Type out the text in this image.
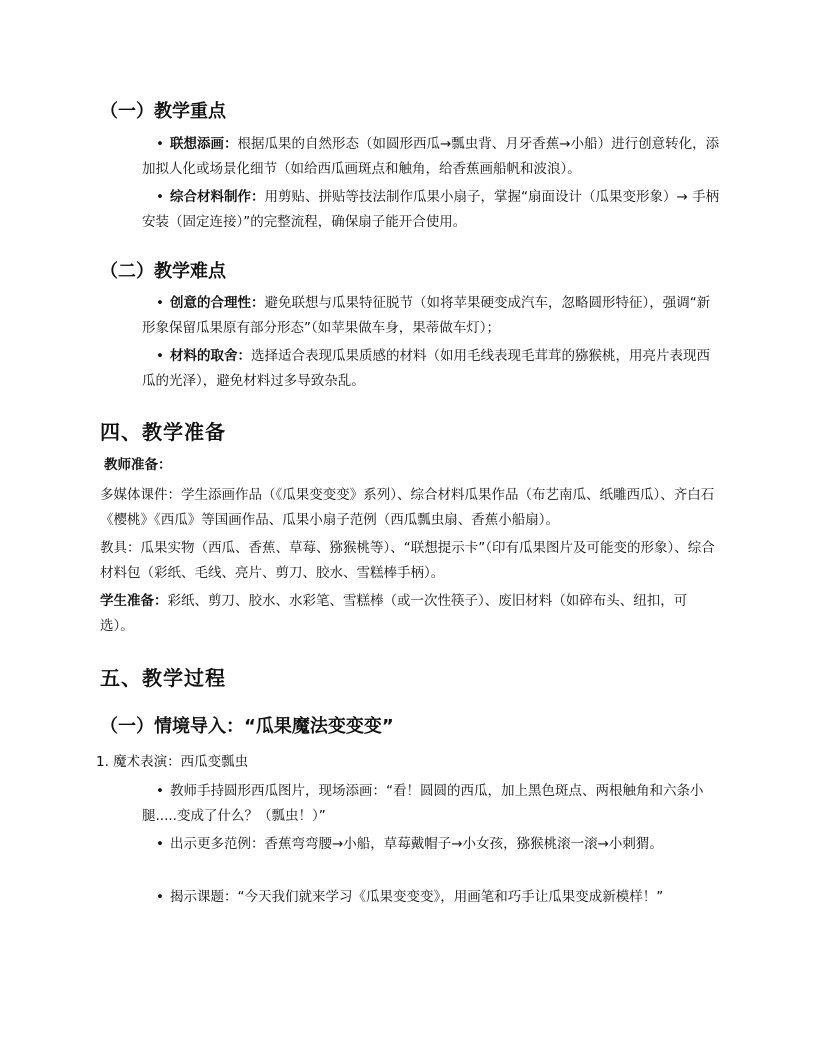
（一）教学重点

• 联想添画：根据瓜果的自然形态（如圆形西瓜→瓢虫背、月牙香蕉→小船）进行创意转化，添加拟人化或场景化细节（如给西瓜画斑点和触角，给香蕉画船帆和波浪）。

• 综合材料制作：用剪贴、拼贴等技法制作瓜果小扇子，掌握“扇面设计（瓜果变形象）→ 手柄安装（固定连接）”的完整流程，确保扇子能开合使用。

（二）教学难点

• 创意的合理性：避免联想与瓜果特征脱节（如将苹果硬变成汽车，忽略圆形特征），强调“新形象保留瓜果原有部分形态”（如苹果做车身，果蒂做车灯）；

• 材料的取舍：选择适合表现瓜果质感的材料（如用毛线表现毛茸茸的猕猴桃，用亮片表现西瓜的光泽），避免材料过多导致杂乱。

四、教学准备

教师准备：

多媒体课件：学生添画作品（《瓜果变变变》系列）、综合材料瓜果作品（布艺南瓜、纸雕西瓜）、齐白石《樱桃》《西瓜》等国画作品、瓜果小扇子范例（西瓜瓢虫扇、香蕉小船扇）。

教具：瓜果实物（西瓜、香蕉、草莓、猕猴桃等）、“联想提示卡”（印有瓜果图片及可能变的形象）、综合材料包（彩纸、毛线、亮片、剪刀、胶水、雪糕棒手柄）。

学生准备：彩纸、剪刀、胶水、水彩笔、雪糕棒（或一次性筷子）、废旧材料（如碎布头、纽扣，可选）。

五、教学过程
（一）情境导入：“瓜果魔法变变变”

1. 魔术表演：西瓜变瓢虫

• 教师手持圆形西瓜图片，现场添画：“看！圆圆的西瓜，加上黑色斑点、两根触角和六条小腿.....变成了什么？（瓢虫！）”

• 出示更多范例：香蕉弯弯腰→小船，草莓戴帽子→小女孩，猕猴桃滚一滚→小刺猬。

• 揭示课题：“今天我们就来学习《瓜果变变变》，用画笔和巧手让瓜果变成新模样！”
